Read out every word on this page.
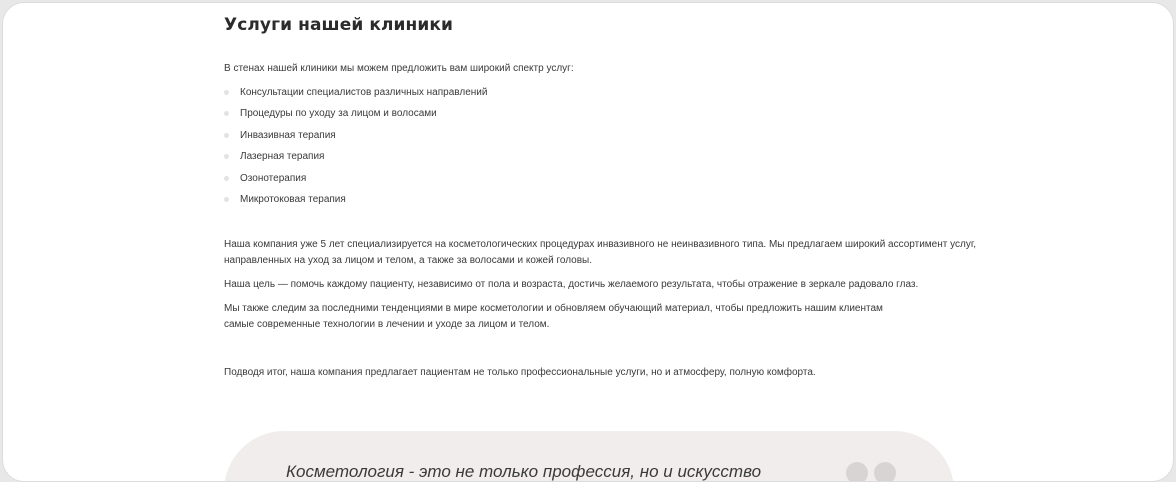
Услуги нашей клиники

В стенах нашей клиники мы можем предложить вам широкий спектр услуг:

Консультации специалистов различных направлений
Процедуры по уходу за лицом и волосами
Инвазивная терапия
Лазерная терапия
Озонотерапия
Микротоковая терапия
Наша компания уже 5 лет специализируется на косметологических процедурах инвазивного не неинвазивного типа. Мы предлагаем широкий ассортимент услуг,
направленных на уход за лицом и телом, а также за волосами и кожей головы.

Наша цель — помочь каждому пациенту, независимо от пола и возраста, достичь желаемого результата, чтобы отражение в зеркале радовало глаз.

Мы также следим за последними тенденциями в мире косметологии и обновляем обучающий материал, чтобы предложить нашим клиентам
самые современные технологии в лечении и уходе за лицом и телом.

Подводя итог, наша компания предлагает пациентам не только профессиональные услуги, но и атмосферу, полную комфорта.

Косметология - это не только профессия, но и искусство
